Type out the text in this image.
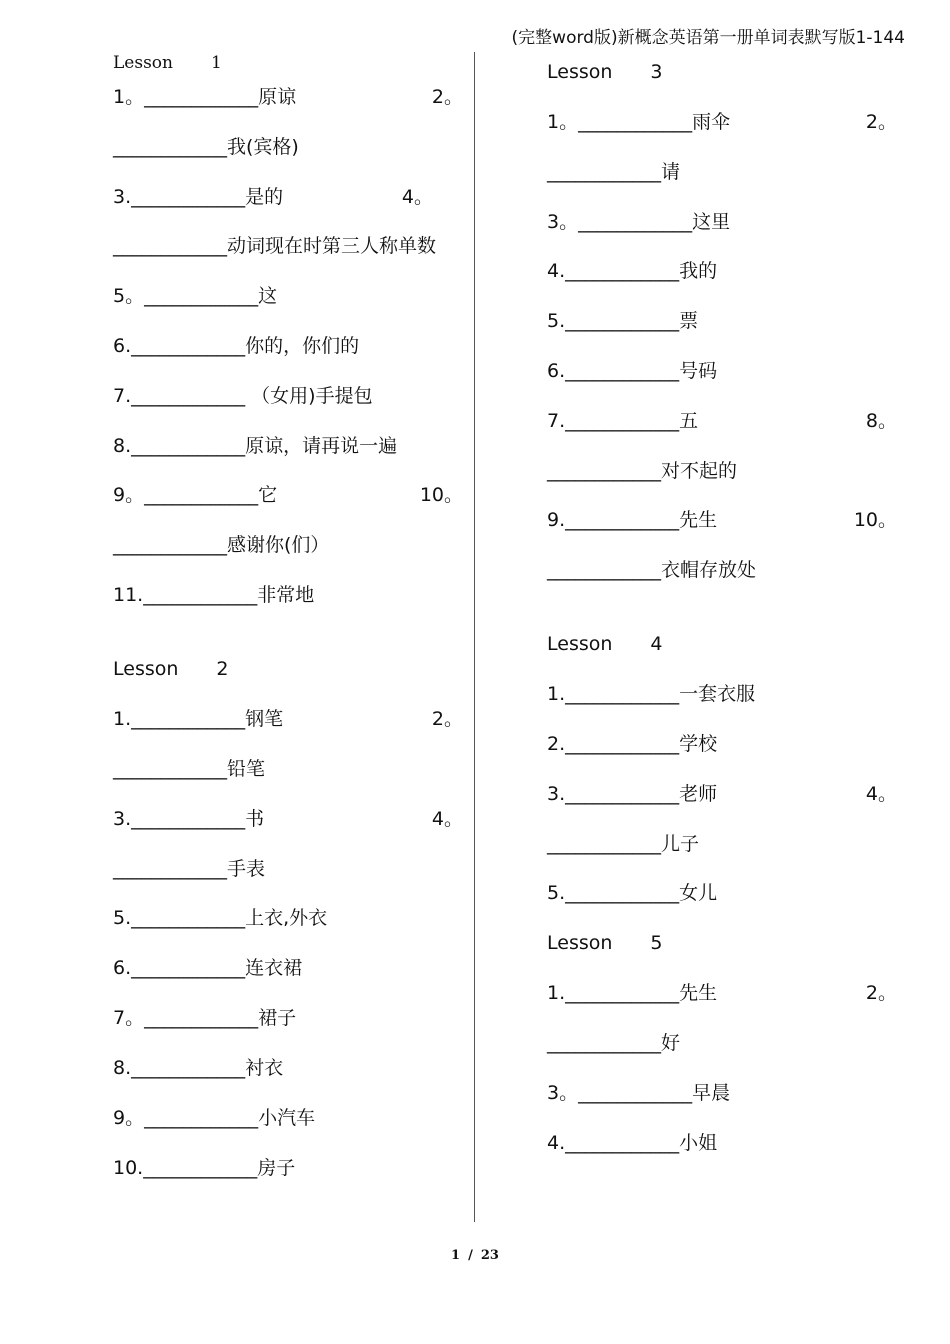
(完整word版)新概念英语第一册单词表默写版1-144
Lesson 1
1。____________原谅	2。
____________我(宾格)
3.____________是的	4。
____________动词现在时第三人称单数
5。____________这
6.____________你的，你们的
7.____________ （女用)手提包
8.____________原谅，请再说一遍
9。____________它	10。
____________感谢你(们）
11.____________非常地
Lesson 2
1.____________钢笔	2。
____________铅笔
3.____________书	4。
____________手表
5.____________上衣,外衣
6.____________连衣裙
7。____________裙子
8.____________衬衣
9。____________小汽车
10.____________房子
Lesson 3
1。____________雨伞	2。
____________请
3。____________这里
4.____________我的
5.____________票
6.____________号码
7.____________五	8。
____________对不起的
9.____________先生	10。
____________衣帽存放处
Lesson 4
1.____________一套衣服
2.____________学校
3.____________老师	4。
____________儿子
5.____________女儿
Lesson 5
1.____________先生	2。
____________好
3。____________早晨
4.____________小姐
1 / 23
